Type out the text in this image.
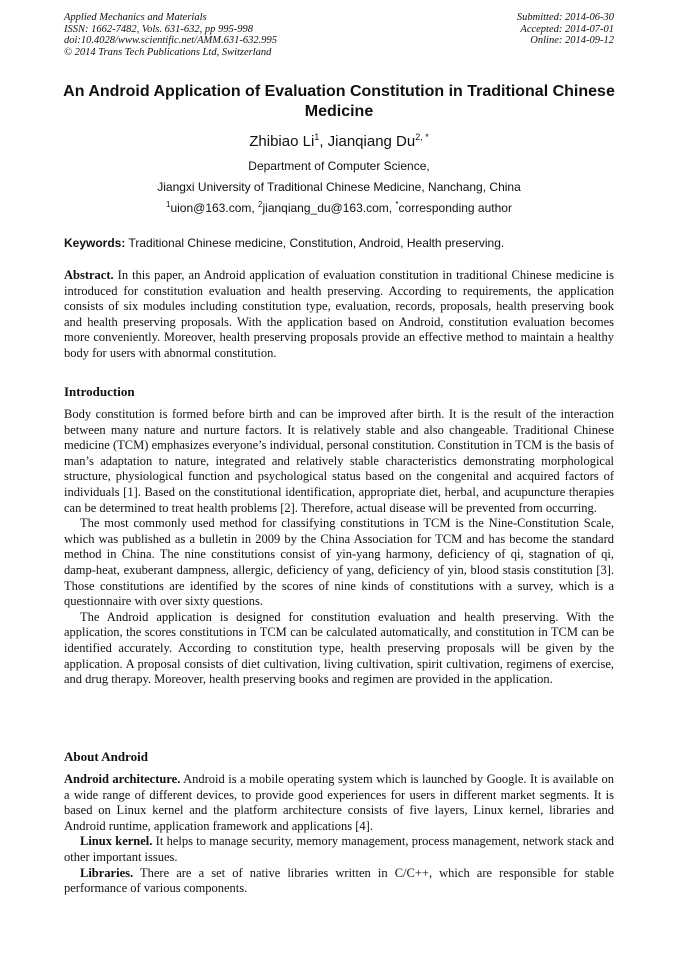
Applied Mechanics and Materials
ISSN: 1662-7482, Vols. 631-632, pp 995-998
doi:10.4028/www.scientific.net/AMM.631-632.995
© 2014 Trans Tech Publications Ltd, Switzerland
Submitted: 2014-06-30
Accepted: 2014-07-01
Online: 2014-09-12
An Android Application of Evaluation Constitution in Traditional Chinese Medicine
Zhibiao Li$^1$, Jianqiang $Du^{2, *}$
Department of Computer Science,
Jiangxi University of Traditional Chinese Medicine, Nanchang, China
$^1$uion@163.com, $^2$jianqiang_du@163.com, *corresponding author
Keywords: Traditional Chinese medicine, Constitution, Android, Health preserving.

Abstract. In this paper, an Android application of evaluation constitution in traditional Chinese medicine is introduced for constitution evaluation and health preserving. According to requirements, the application consists of six modules including constitution type, evaluation, records, proposals, health preserving book and health preserving proposals. With the application based on Android, constitution evaluation becomes more conveniently. Moreover, health preserving proposals provide an effective method to maintain a healthy body for users with abnormal constitution.

Introduction

Body constitution is formed before birth and can be improved after birth. It is the result of the interaction between many nature and nurture factors. It is relatively stable and also changeable. Traditional Chinese medicine (TCM) emphasizes everyone’s individual, personal constitution. Constitution in TCM is the basis of man’s adaptation to nature, integrated and relatively stable characteristics demonstrating morphological structure, physiological function and psychological status based on the congenital and acquired factors of individuals [1]. Based on the constitutional identification, appropriate diet, herbal, and acupuncture therapies can be determined to treat health problems [2]. Therefore, actual disease will be prevented from occurring.

The most commonly used method for classifying constitutions in TCM is the Nine-Constitution Scale, which was published as a bulletin in 2009 by the China Association for TCM and has become the standard method in China. The nine constitutions consist of yin-yang harmony, deficiency of qi, stagnation of qi, damp-heat, exuberant dampness, allergic, deficiency of yang, deficiency of yin, blood stasis constitution [3]. Those constitutions are identified by the scores of nine kinds of constitutions with a survey, which is a questionnaire with over sixty questions.

The Android application is designed for constitution evaluation and health preserving. With the application, the scores constitutions in TCM can be calculated automatically, and constitution in TCM can be identified accurately. According to constitution type, health preserving proposals will be given by the application. A proposal consists of diet cultivation, living cultivation, spirit cultivation, regimens of exercise, and drug therapy. Moreover, health preserving books and regimen are provided in the application.

About Android

Android architecture. Android is a mobile operating system which is launched by Google. It is available on a wide range of different devices, to provide good experiences for users in different market segments. It is based on Linux kernel and the platform architecture consists of five layers, Linux kernel, libraries and Android runtime, application framework and applications [4].

Linux kernel. It helps to manage security, memory management, process management, network stack and other important issues.

Libraries. There are a set of native libraries written in C/C++, which are responsible for stable performance of various components.
